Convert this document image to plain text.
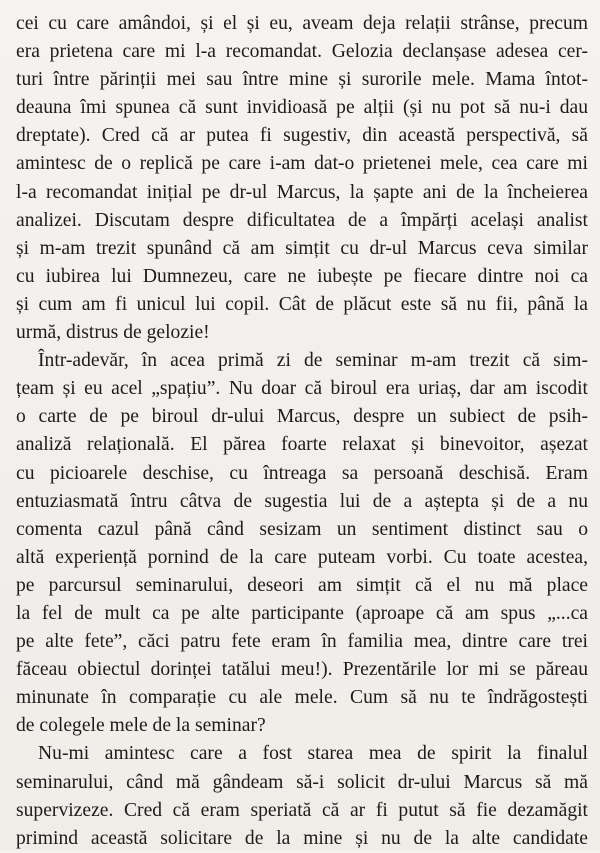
cei cu care amândoi, și el și eu, aveam deja relații strânse, precum
era prietena care mi l-a recomandat. Gelozia declanșase adesea cer-
turi între părinții mei sau între mine și surorile mele. Mama întot-
deauna îmi spunea că sunt invidioasă pe alții (și nu pot să nu-i dau
dreptate). Cred că ar putea fi sugestiv, din această perspectivă, să
amintesc de o replică pe care i-am dat-o prietenei mele, cea care mi
l-a recomandat inițial pe dr-ul Marcus, la șapte ani de la încheierea
analizei. Discutam despre dificultatea de a împărți același analist
și m-am trezit spunând că am simțit cu dr-ul Marcus ceva similar
cu iubirea lui Dumnezeu, care ne iubește pe fiecare dintre noi ca
și cum am fi unicul lui copil. Cât de plăcut este să nu fii, până la
urmă, distrus de gelozie!
Într-adevăr, în acea primă zi de seminar m-am trezit că sim-
țeam și eu acel „spațiu”. Nu doar că biroul era uriaș, dar am iscodit
o carte de pe biroul dr-ului Marcus, despre un subiect de psih-
analiză relațională. El părea foarte relaxat și binevoitor, așezat
cu picioarele deschise, cu întreaga sa persoană deschisă. Eram
entuziasmată întru câtva de sugestia lui de a aștepta și de a nu
comenta cazul până când sesizam un sentiment distinct sau o
altă experiență pornind de la care puteam vorbi. Cu toate acestea,
pe parcursul seminarului, deseori am simțit că el nu mă place
la fel de mult ca pe alte participante (aproape că am spus „...ca
pe alte fete”, căci patru fete eram în familia mea, dintre care trei
făceau obiectul dorinței tatălui meu!). Prezentările lor mi se păreau
minunate în comparație cu ale mele. Cum să nu te îndrăgostești
de colegele mele de la seminar?
Nu-mi amintesc care a fost starea mea de spirit la finalul
seminarului, când mă gândeam să-i solicit dr-ului Marcus să mă
supervizeze. Cred că eram speriată că ar fi putut să fie dezamăgit
primind această solicitare de la mine și nu de la alte candidate
